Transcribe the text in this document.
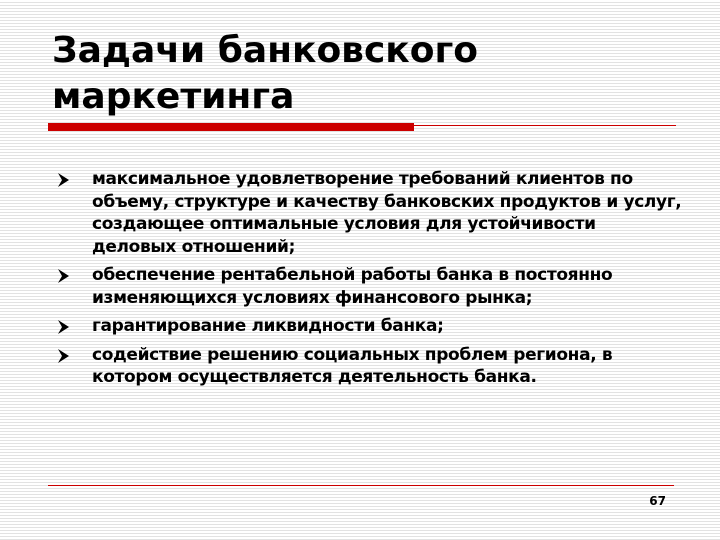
Задачи банковского маркетинга
максимальное удовлетворение требований клиентов по объему, структуре и качеству банковских продуктов и услуг, создающее оптимальные условия для устойчивости деловых отношений;
обеспечение рентабельной работы банка в постоянно изменяющихся условиях финансового рынка;
гарантирование ликвидности банка;
содействие решению социальных проблем региона, в котором осуществляется деятельность банка.
67
